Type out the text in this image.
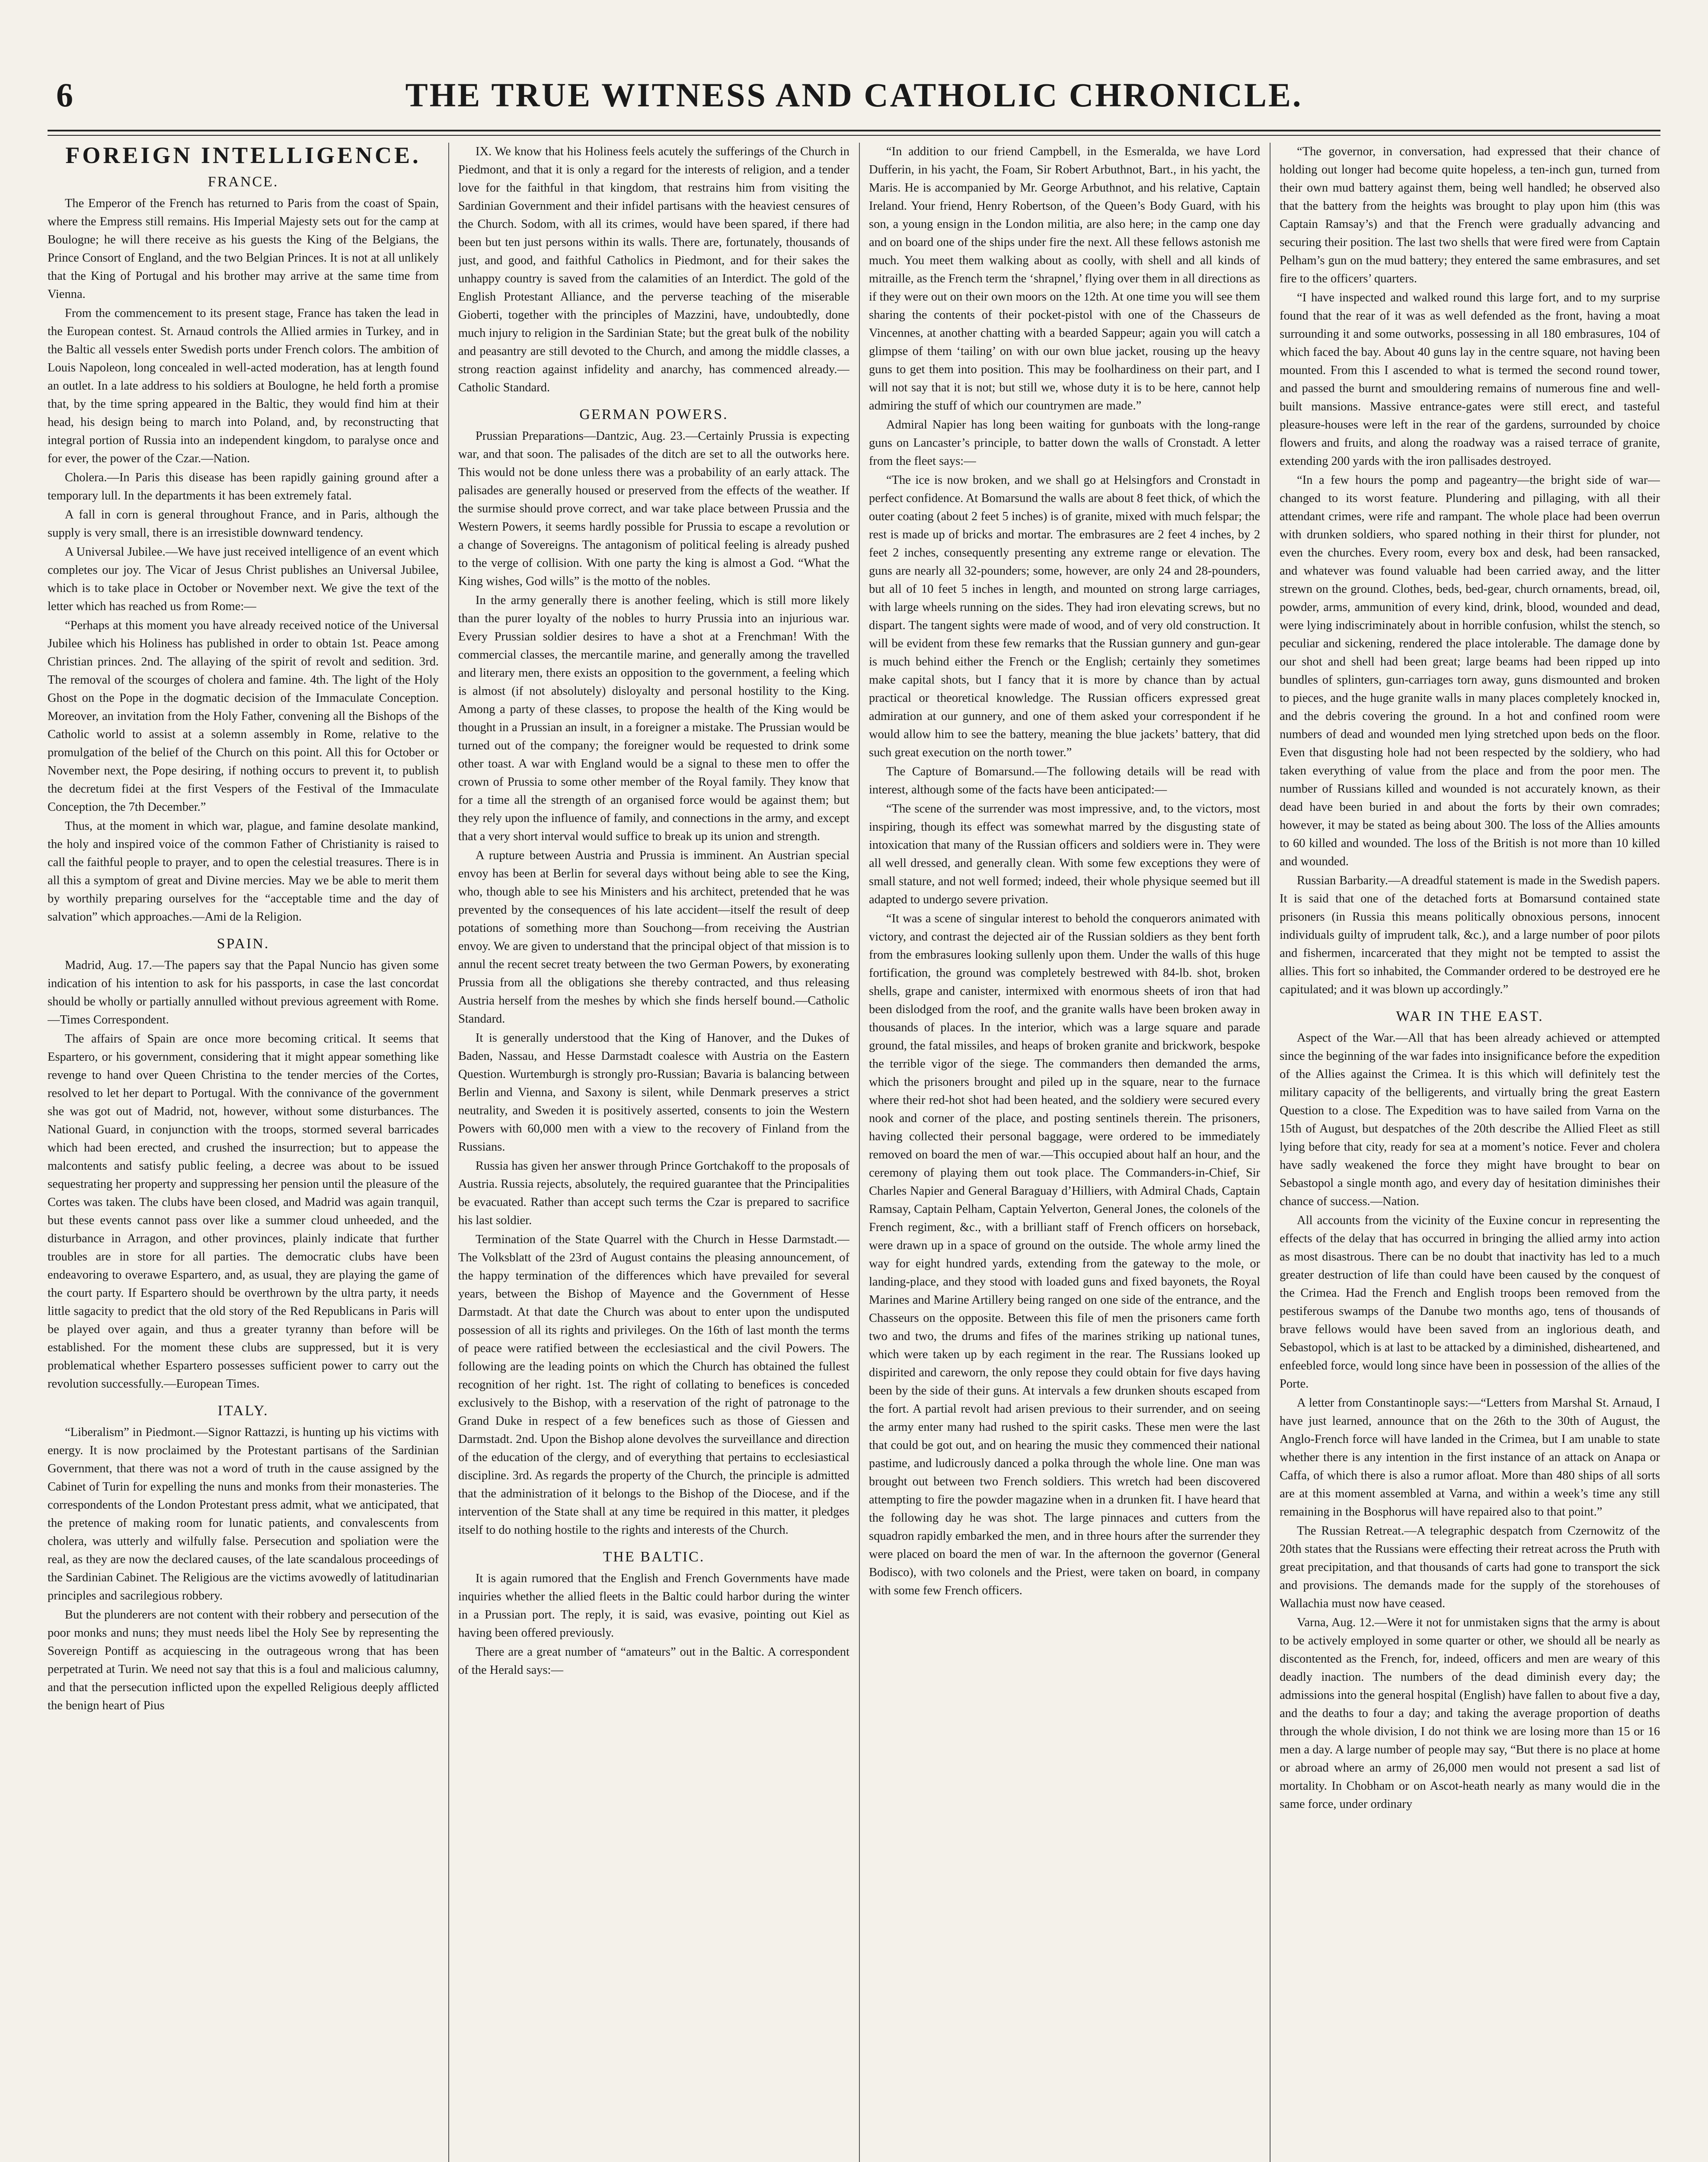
6	THE TRUE WITNESS AND CATHOLIC CHRONICLE.
FOREIGN INTELLIGENCE.
FRANCE.

The Emperor of the French has returned to Paris from the coast of Spain, where the Empress still remains. His Imperial Majesty sets out for the camp at Boulogne; he will there receive as his guests the King of the Belgians, the Prince Consort of England, and the two Belgian Princes. It is not at all unlikely that the King of Portugal and his brother may arrive at the same time from Vienna.

From the commencement to its present stage, France has taken the lead in the European contest. St. Arnaud controls the Allied armies in Turkey, and in the Baltic all vessels enter Swedish ports under French colors. The ambition of Louis Napoleon, long concealed in well-acted moderation, has at length found an outlet. In a late address to his soldiers at Boulogne, he held forth a promise that, by the time spring appeared in the Baltic, they would find him at their head, his design being to march into Poland, and, by reconstructing that integral portion of Russia into an independent kingdom, to paralyse once and for ever, the power of the Czar.—Nation.

Cholera.—In Paris this disease has been rapidly gaining ground after a temporary lull. In the departments it has been extremely fatal.

A fall in corn is general throughout France, and in Paris, although the supply is very small, there is an irresistible downward tendency.

A Universal Jubilee.—We have just received intelligence of an event which completes our joy. The Vicar of Jesus Christ publishes an Universal Jubilee, which is to take place in October or November next. We give the text of the letter which has reached us from Rome:—

“Perhaps at this moment you have already received notice of the Universal Jubilee which his Holiness has published in order to obtain 1st. Peace among Christian princes. 2nd. The allaying of the spirit of revolt and sedition. 3rd. The removal of the scourges of cholera and famine. 4th. The light of the Holy Ghost on the Pope in the dogmatic decision of the Immaculate Conception. Moreover, an invitation from the Holy Father, convening all the Bishops of the Catholic world to assist at a solemn assembly in Rome, relative to the promulgation of the belief of the Church on this point. All this for October or November next, the Pope desiring, if nothing occurs to prevent it, to publish the decretum fidei at the first Vespers of the Festival of the Immaculate Conception, the 7th December.”

Thus, at the moment in which war, plague, and famine desolate mankind, the holy and inspired voice of the common Father of Christianity is raised to call the faithful people to prayer, and to open the celestial treasures. There is in all this a symptom of great and Divine mercies. May we be able to merit them by worthily preparing ourselves for the “acceptable time and the day of salvation” which approaches.—Ami de la Religion.

SPAIN.

Madrid, Aug. 17.—The papers say that the Papal Nuncio has given some indication of his intention to ask for his passports, in case the last concordat should be wholly or partially annulled without previous agreement with Rome.—Times Correspondent.

The affairs of Spain are once more becoming critical. It seems that Espartero, or his government, considering that it might appear something like revenge to hand over Queen Christina to the tender mercies of the Cortes, resolved to let her depart to Portugal. With the connivance of the government she was got out of Madrid, not, however, without some disturbances. The National Guard, in conjunction with the troops, stormed several barricades which had been erected, and crushed the insurrection; but to appease the malcontents and satisfy public feeling, a decree was about to be issued sequestrating her property and suppressing her pension until the pleasure of the Cortes was taken. The clubs have been closed, and Madrid was again tranquil, but these events cannot pass over like a summer cloud unheeded, and the disturbance in Arragon, and other provinces, plainly indicate that further troubles are in store for all parties. The democratic clubs have been endeavoring to overawe Espartero, and, as usual, they are playing the game of the court party. If Espartero should be overthrown by the ultra party, it needs little sagacity to predict that the old story of the Red Republicans in Paris will be played over again, and thus a greater tyranny than before will be established. For the moment these clubs are suppressed, but it is very problematical whether Espartero possesses sufficient power to carry out the revolution successfully.—European Times.

ITALY.

“Liberalism” in Piedmont.—Signor Rattazzi, is hunting up his victims with energy. It is now proclaimed by the Protestant partisans of the Sardinian Government, that there was not a word of truth in the cause assigned by the Cabinet of Turin for expelling the nuns and monks from their monasteries. The correspondents of the London Protestant press admit, what we anticipated, that the pretence of making room for lunatic patients, and convalescents from cholera, was utterly and wilfully false. Persecution and spoliation were the real, as they are now the declared causes, of the late scandalous proceedings of the Sardinian Cabinet. The Religious are the victims avowedly of latitudinarian principles and sacrilegious robbery.

But the plunderers are not content with their robbery and persecution of the poor monks and nuns; they must needs libel the Holy See by representing the Sovereign Pontiff as acquiescing in the outrageous wrong that has been perpetrated at Turin. We need not say that this is a foul and malicious calumny, and that the persecution inflicted upon the expelled Religious deeply afflicted the benign heart of Pius

IX. We know that his Holiness feels acutely the sufferings of the Church in Piedmont, and that it is only a regard for the interests of religion, and a tender love for the faithful in that kingdom, that restrains him from visiting the Sardinian Government and their infidel partisans with the heaviest censures of the Church. Sodom, with all its crimes, would have been spared, if there had been but ten just persons within its walls. There are, fortunately, thousands of just, and good, and faithful Catholics in Piedmont, and for their sakes the unhappy country is saved from the calamities of an Interdict. The gold of the English Protestant Alliance, and the perverse teaching of the miserable Gioberti, together with the principles of Mazzini, have, undoubtedly, done much injury to religion in the Sardinian State; but the great bulk of the nobility and peasantry are still devoted to the Church, and among the middle classes, a strong reaction against infidelity and anarchy, has commenced already.—Catholic Standard.

GERMAN POWERS.

Prussian Preparations—Dantzic, Aug. 23.—Certainly Prussia is expecting war, and that soon. The palisades of the ditch are set to all the outworks here. This would not be done unless there was a probability of an early attack. The palisades are generally housed or preserved from the effects of the weather. If the surmise should prove correct, and war take place between Prussia and the Western Powers, it seems hardly possible for Prussia to escape a revolution or a change of Sovereigns. The antagonism of political feeling is already pushed to the verge of collision. With one party the king is almost a God. “What the King wishes, God wills” is the motto of the nobles.

In the army generally there is another feeling, which is still more likely than the purer loyalty of the nobles to hurry Prussia into an injurious war. Every Prussian soldier desires to have a shot at a Frenchman! With the commercial classes, the mercantile marine, and generally among the travelled and literary men, there exists an opposition to the government, a feeling which is almost (if not absolutely) disloyalty and personal hostility to the King. Among a party of these classes, to propose the health of the King would be thought in a Prussian an insult, in a foreigner a mistake. The Prussian would be turned out of the company; the foreigner would be requested to drink some other toast. A war with England would be a signal to these men to offer the crown of Prussia to some other member of the Royal family. They know that for a time all the strength of an organised force would be against them; but they rely upon the influence of family, and connections in the army, and except that a very short interval would suffice to break up its union and strength.

A rupture between Austria and Prussia is imminent. An Austrian special envoy has been at Berlin for several days without being able to see the King, who, though able to see his Ministers and his architect, pretended that he was prevented by the consequences of his late accident—itself the result of deep potations of something more than Souchong—from receiving the Austrian envoy. We are given to understand that the principal object of that mission is to annul the recent secret treaty between the two German Powers, by exonerating Prussia from all the obligations she thereby contracted, and thus releasing Austria herself from the meshes by which she finds herself bound.—Catholic Standard.

It is generally understood that the King of Hanover, and the Dukes of Baden, Nassau, and Hesse Darmstadt coalesce with Austria on the Eastern Question. Wurtemburgh is strongly pro-Russian; Bavaria is balancing between Berlin and Vienna, and Saxony is silent, while Denmark preserves a strict neutrality, and Sweden it is positively asserted, consents to join the Western Powers with 60,000 men with a view to the recovery of Finland from the Russians.

Russia has given her answer through Prince Gortchakoff to the proposals of Austria. Russia rejects, absolutely, the required guarantee that the Principalities be evacuated. Rather than accept such terms the Czar is prepared to sacrifice his last soldier.

Termination of the State Quarrel with the Church in Hesse Darmstadt.—The Volksblatt of the 23rd of August contains the pleasing announcement, of the happy termination of the differences which have prevailed for several years, between the Bishop of Mayence and the Government of Hesse Darmstadt. At that date the Church was about to enter upon the undisputed possession of all its rights and privileges. On the 16th of last month the terms of peace were ratified between the ecclesiastical and the civil Powers. The following are the leading points on which the Church has obtained the fullest recognition of her right. 1st. The right of collating to benefices is conceded exclusively to the Bishop, with a reservation of the right of patronage to the Grand Duke in respect of a few benefices such as those of Giessen and Darmstadt. 2nd. Upon the Bishop alone devolves the surveillance and direction of the education of the clergy, and of everything that pertains to ecclesiastical discipline. 3rd. As regards the property of the Church, the principle is admitted that the administration of it belongs to the Bishop of the Diocese, and if the intervention of the State shall at any time be required in this matter, it pledges itself to do nothing hostile to the rights and interests of the Church.

THE BALTIC.

It is again rumored that the English and French Governments have made inquiries whether the allied fleets in the Baltic could harbor during the winter in a Prussian port. The reply, it is said, was evasive, pointing out Kiel as having been offered previously.

There are a great number of “amateurs” out in the Baltic. A correspondent of the Herald says:—

“In addition to our friend Campbell, in the Esmeralda, we have Lord Dufferin, in his yacht, the Foam, Sir Robert Arbuthnot, Bart., in his yacht, the Maris. He is accompanied by Mr. George Arbuthnot, and his relative, Captain Ireland. Your friend, Henry Robertson, of the Queen’s Body Guard, with his son, a young ensign in the London militia, are also here; in the camp one day and on board one of the ships under fire the next. All these fellows astonish me much. You meet them walking about as coolly, with shell and all kinds of mitraille, as the French term the ‘shrapnel,’ flying over them in all directions as if they were out on their own moors on the 12th. At one time you will see them sharing the contents of their pocket-pistol with one of the Chasseurs de Vincennes, at another chatting with a bearded Sappeur; again you will catch a glimpse of them ‘tailing’ on with our own blue jacket, rousing up the heavy guns to get them into position. This may be foolhardiness on their part, and I will not say that it is not; but still we, whose duty it is to be here, cannot help admiring the stuff of which our countrymen are made.”

Admiral Napier has long been waiting for gunboats with the long-range guns on Lancaster’s principle, to batter down the walls of Cronstadt. A letter from the fleet says:—

“The ice is now broken, and we shall go at Helsingfors and Cronstadt in perfect confidence. At Bomarsund the walls are about 8 feet thick, of which the outer coating (about 2 feet 5 inches) is of granite, mixed with much felspar; the rest is made up of bricks and mortar. The embrasures are 2 feet 4 inches, by 2 feet 2 inches, consequently presenting any extreme range or elevation. The guns are nearly all 32-pounders; some, however, are only 24 and 28-pounders, but all of 10 feet 5 inches in length, and mounted on strong large carriages, with large wheels running on the sides. They had iron elevating screws, but no dispart. The tangent sights were made of wood, and of very old construction. It will be evident from these few remarks that the Russian gunnery and gun-gear is much behind either the French or the English; certainly they sometimes make capital shots, but I fancy that it is more by chance than by actual practical or theoretical knowledge. The Russian officers expressed great admiration at our gunnery, and one of them asked your correspondent if he would allow him to see the battery, meaning the blue jackets’ battery, that did such great execution on the north tower.”

The Capture of Bomarsund.—The following details will be read with interest, although some of the facts have been anticipated:—

“The scene of the surrender was most impressive, and, to the victors, most inspiring, though its effect was somewhat marred by the disgusting state of intoxication that many of the Russian officers and soldiers were in. They were all well dressed, and generally clean. With some few exceptions they were of small stature, and not well formed; indeed, their whole physique seemed but ill adapted to undergo severe privation.

“It was a scene of singular interest to behold the conquerors animated with victory, and contrast the dejected air of the Russian soldiers as they bent forth from the embrasures looking sullenly upon them. Under the walls of this huge fortification, the ground was completely bestrewed with 84-lb. shot, broken shells, grape and canister, intermixed with enormous sheets of iron that had been dislodged from the roof, and the granite walls have been broken away in thousands of places. In the interior, which was a large square and parade ground, the fatal missiles, and heaps of broken granite and brickwork, bespoke the terrible vigor of the siege. The commanders then demanded the arms, which the prisoners brought and piled up in the square, near to the furnace where their red-hot shot had been heated, and the soldiery were secured every nook and corner of the place, and posting sentinels therein. The prisoners, having collected their personal baggage, were ordered to be immediately removed on board the men of war.—This occupied about half an hour, and the ceremony of playing them out took place. The Commanders-in-Chief, Sir Charles Napier and General Baraguay d’Hilliers, with Admiral Chads, Captain Ramsay, Captain Pelham, Captain Yelverton, General Jones, the colonels of the French regiment, &c., with a brilliant staff of French officers on horseback, were drawn up in a space of ground on the outside. The whole army lined the way for eight hundred yards, extending from the gateway to the mole, or landing-place, and they stood with loaded guns and fixed bayonets, the Royal Marines and Marine Artillery being ranged on one side of the entrance, and the Chasseurs on the opposite. Between this file of men the prisoners came forth two and two, the drums and fifes of the marines striking up national tunes, which were taken up by each regiment in the rear. The Russians looked up dispirited and careworn, the only repose they could obtain for five days having been by the side of their guns. At intervals a few drunken shouts escaped from the fort. A partial revolt had arisen previous to their surrender, and on seeing the army enter many had rushed to the spirit casks. These men were the last that could be got out, and on hearing the music they commenced their national pastime, and ludicrously danced a polka through the whole line. One man was brought out between two French soldiers. This wretch had been discovered attempting to fire the powder magazine when in a drunken fit. I have heard that the following day he was shot. The large pinnaces and cutters from the squadron rapidly embarked the men, and in three hours after the surrender they were placed on board the men of war. In the afternoon the governor (General Bodisco), with two colonels and the Priest, were taken on board, in company with some few French officers.

“The governor, in conversation, had expressed that their chance of holding out longer had become quite hopeless, a ten-inch gun, turned from their own mud battery against them, being well handled; he observed also that the battery from the heights was brought to play upon him (this was Captain Ramsay’s) and that the French were gradually advancing and securing their position. The last two shells that were fired were from Captain Pelham’s gun on the mud battery; they entered the same embrasures, and set fire to the officers’ quarters.

“I have inspected and walked round this large fort, and to my surprise found that the rear of it was as well defended as the front, having a moat surrounding it and some outworks, possessing in all 180 embrasures, 104 of which faced the bay. About 40 guns lay in the centre square, not having been mounted. From this I ascended to what is termed the second round tower, and passed the burnt and smouldering remains of numerous fine and well-built mansions. Massive entrance-gates were still erect, and tasteful pleasure-houses were left in the rear of the gardens, surrounded by choice flowers and fruits, and along the roadway was a raised terrace of granite, extending 200 yards with the iron pallisades destroyed.

“In a few hours the pomp and pageantry—the bright side of war—changed to its worst feature. Plundering and pillaging, with all their attendant crimes, were rife and rampant. The whole place had been overrun with drunken soldiers, who spared nothing in their thirst for plunder, not even the churches. Every room, every box and desk, had been ransacked, and whatever was found valuable had been carried away, and the litter strewn on the ground. Clothes, beds, bed-gear, church ornaments, bread, oil, powder, arms, ammunition of every kind, drink, blood, wounded and dead, were lying indiscriminately about in horrible confusion, whilst the stench, so peculiar and sickening, rendered the place intolerable. The damage done by our shot and shell had been great; large beams had been ripped up into bundles of splinters, gun-carriages torn away, guns dismounted and broken to pieces, and the huge granite walls in many places completely knocked in, and the debris covering the ground. In a hot and confined room were numbers of dead and wounded men lying stretched upon beds on the floor. Even that disgusting hole had not been respected by the soldiery, who had taken everything of value from the place and from the poor men. The number of Russians killed and wounded is not accurately known, as their dead have been buried in and about the forts by their own comrades; however, it may be stated as being about 300. The loss of the Allies amounts to 60 killed and wounded. The loss of the British is not more than 10 killed and wounded.

Russian Barbarity.—A dreadful statement is made in the Swedish papers. It is said that one of the detached forts at Bomarsund contained state prisoners (in Russia this means politically obnoxious persons, innocent individuals guilty of imprudent talk, &c.), and a large number of poor pilots and fishermen, incarcerated that they might not be tempted to assist the allies. This fort so inhabited, the Commander ordered to be destroyed ere he capitulated; and it was blown up accordingly.”

WAR IN THE EAST.

Aspect of the War.—All that has been already achieved or attempted since the beginning of the war fades into insignificance before the expedition of the Allies against the Crimea. It is this which will definitely test the military capacity of the belligerents, and virtually bring the great Eastern Question to a close. The Expedition was to have sailed from Varna on the 15th of August, but despatches of the 20th describe the Allied Fleet as still lying before that city, ready for sea at a moment’s notice. Fever and cholera have sadly weakened the force they might have brought to bear on Sebastopol a single month ago, and every day of hesitation diminishes their chance of success.—Nation.

All accounts from the vicinity of the Euxine concur in representing the effects of the delay that has occurred in bringing the allied army into action as most disastrous. There can be no doubt that inactivity has led to a much greater destruction of life than could have been caused by the conquest of the Crimea. Had the French and English troops been removed from the pestiferous swamps of the Danube two months ago, tens of thousands of brave fellows would have been saved from an inglorious death, and Sebastopol, which is at last to be attacked by a diminished, disheartened, and enfeebled force, would long since have been in possession of the allies of the Porte.

A letter from Constantinople says:—“Letters from Marshal St. Arnaud, I have just learned, announce that on the 26th to the 30th of August, the Anglo-French force will have landed in the Crimea, but I am unable to state whether there is any intention in the first instance of an attack on Anapa or Caffa, of which there is also a rumor afloat. More than 480 ships of all sorts are at this moment assembled at Varna, and within a week’s time any still remaining in the Bosphorus will have repaired also to that point.”

The Russian Retreat.—A telegraphic despatch from Czernowitz of the 20th states that the Russians were effecting their retreat across the Pruth with great precipitation, and that thousands of carts had gone to transport the sick and provisions. The demands made for the supply of the storehouses of Wallachia must now have ceased.

Varna, Aug. 12.—Were it not for unmistaken signs that the army is about to be actively employed in some quarter or other, we should all be nearly as discontented as the French, for, indeed, officers and men are weary of this deadly inaction. The numbers of the dead diminish every day; the admissions into the general hospital (English) have fallen to about five a day, and the deaths to four a day; and taking the average proportion of deaths through the whole division, I do not think we are losing more than 15 or 16 men a day. A large number of people may say, “But there is no place at home or abroad where an army of 26,000 men would not present a sad list of mortality. In Chobham or on Ascot-heath nearly as many would die in the same force, under ordinary
